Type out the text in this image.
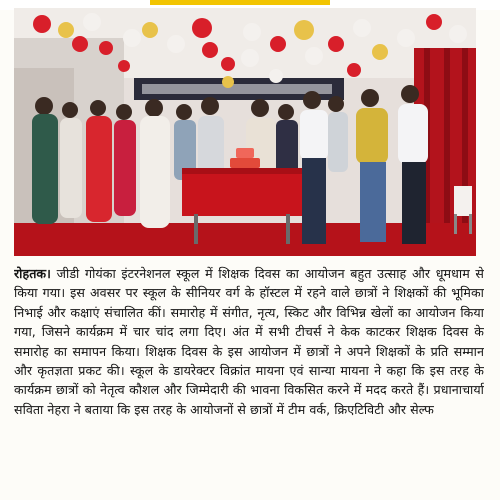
रोहतक। जीडी गोयंका इंटरनेशनल स्कूल में शिक्षक दिवस का आयोजन बहुत उत्साह और धूमधाम से किया गया। इस अवसर पर स्कूल के सीनियर वर्ग के हॉस्टल में रहने वाले छात्रों ने शिक्षकों की भूमिका निभाई और कक्षाएं संचालित कीं। समारोह में संगीत, नृत्य, स्किट और विभिन्न खेलों का आयोजन किया गया, जिसने कार्यक्रम में चार चांद लगा दिए। अंत में सभी टीचर्स ने केक काटकर शिक्षक दिवस के समारोह का समापन किया। शिक्षक दिवस के इस आयोजन में छात्रों ने अपने शिक्षकों के प्रति सम्मान और कृतज्ञता प्रकट की। स्कूल के डायरेक्टर विक्रांत मायना एवं सान्या मायना ने कहा कि इस तरह के कार्यक्रम छात्रों को नेतृत्व कौशल और जिम्मेदारी की भावना विकसित करने में मदद करते हैं। प्रधानाचार्या सविता नेहरा ने बताया कि इस तरह के आयोजनों से छात्रों में टीम वर्क, क्रिएटिविटी और सेल्फ
